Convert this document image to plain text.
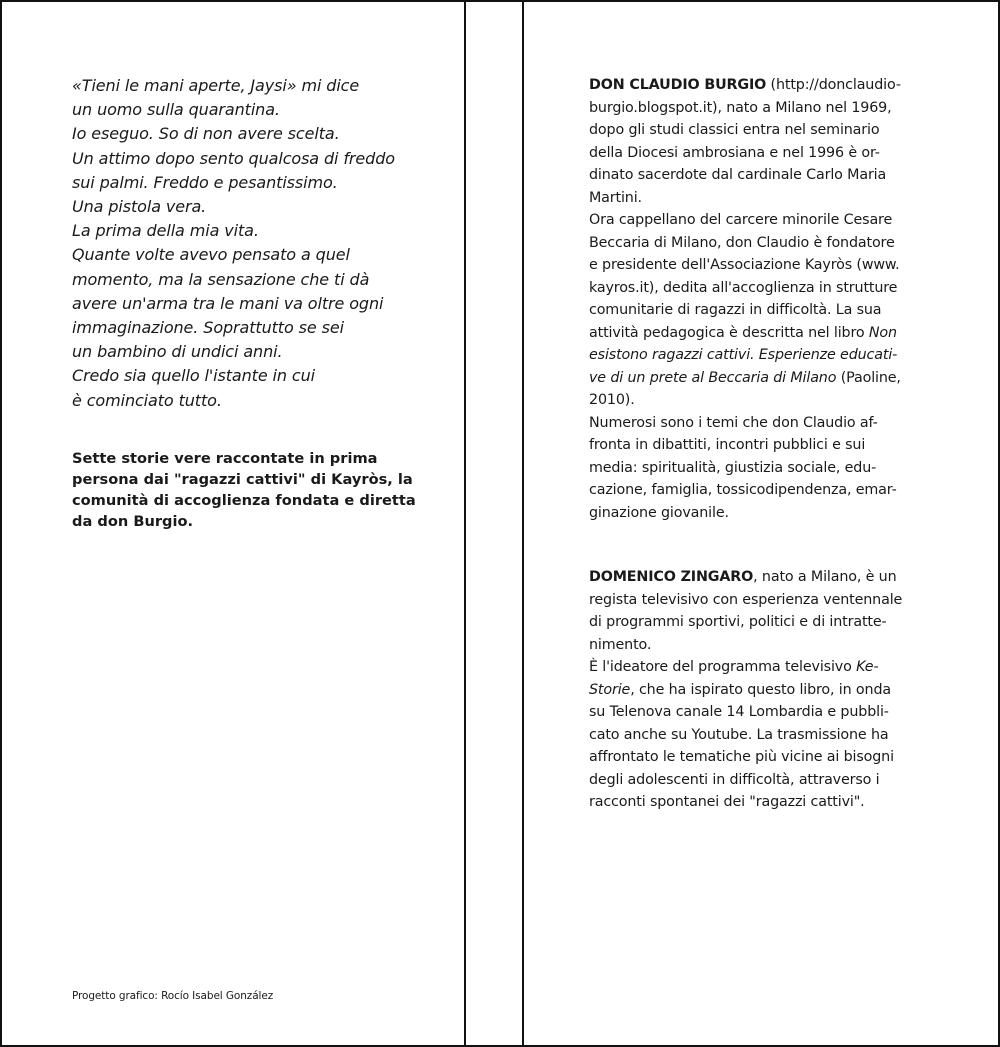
«Tieni le mani aperte, Jaysi» mi dice
un uomo sulla quarantina.
Io eseguo. So di non avere scelta.
Un attimo dopo sento qualcosa di freddo
sui palmi. Freddo e pesantissimo.
Una pistola vera.
La prima della mia vita.
Quante volte avevo pensato a quel
momento, ma la sensazione che ti dà
avere un'arma tra le mani va oltre ogni
immaginazione. Soprattutto se sei
un bambino di undici anni.
Credo sia quello l'istante in cui
è cominciato tutto.
Sette storie vere raccontate in prima
persona dai "ragazzi cattivi" di Kayròs, la
comunità di accoglienza fondata e diretta
da don Burgio.
Progetto grafico: Rocío Isabel González
DON CLAUDIO BURGIO (http://donclaudio-
burgio.blogspot.it), nato a Milano nel 1969,
dopo gli studi classici entra nel seminario
della Diocesi ambrosiana e nel 1996 è or-
dinato sacerdote dal cardinale Carlo Maria
Martini.
Ora cappellano del carcere minorile Cesare
Beccaria di Milano, don Claudio è fondatore
e presidente dell'Associazione Kayròs (www.
kayros.it), dedita all'accoglienza in strutture
comunitarie di ragazzi in difficoltà. La sua
attività pedagogica è descritta nel libro Non
esistono ragazzi cattivi. Esperienze educati-
ve di un prete al Beccaria di Milano (Paoline,
2010).
Numerosi sono i temi che don Claudio af-
fronta in dibattiti, incontri pubblici e sui
media: spiritualità, giustizia sociale, edu-
cazione, famiglia, tossicodipendenza, emar-
ginazione giovanile.
DOMENICO ZINGARO, nato a Milano, è un
regista televisivo con esperienza ventennale
di programmi sportivi, politici e di intratte-
nimento.
È l'ideatore del programma televisivo Ke-
Storie, che ha ispirato questo libro, in onda
su Telenova canale 14 Lombardia e pubbli-
cato anche su Youtube. La trasmissione ha
affrontato le tematiche più vicine ai bisogni
degli adolescenti in difficoltà, attraverso i
racconti spontanei dei "ragazzi cattivi".
